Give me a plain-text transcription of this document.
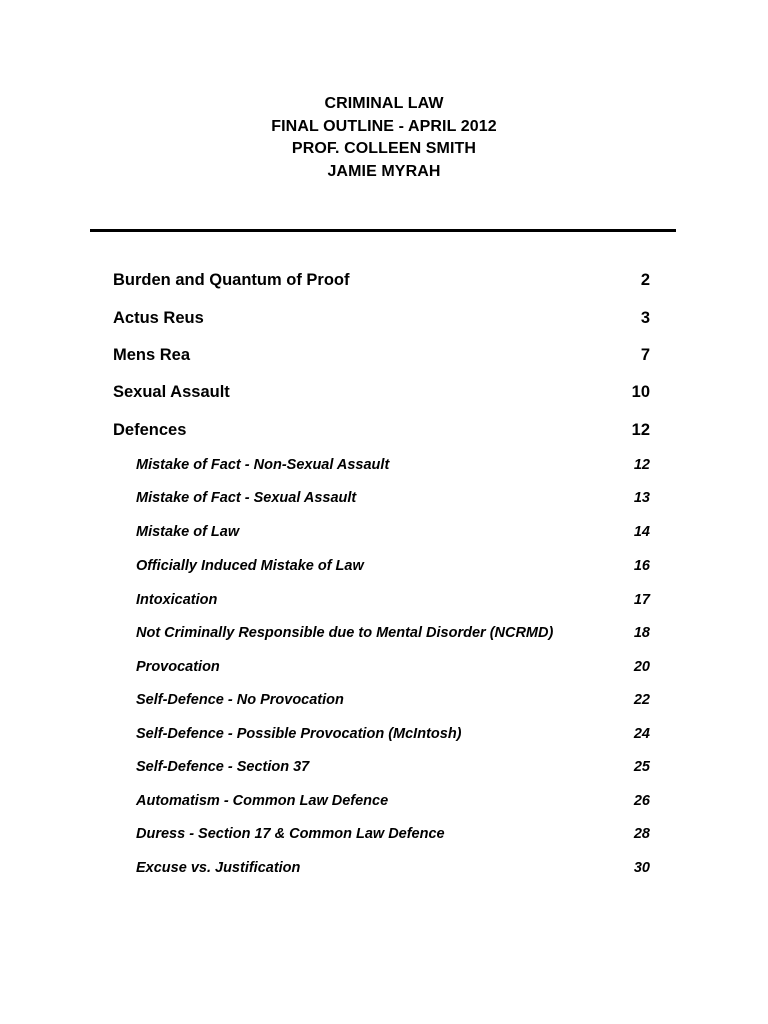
CRIMINAL LAW
FINAL OUTLINE - APRIL 2012
PROF. COLLEEN SMITH
JAMIE MYRAH
Burden and Quantum of Proof	2
Actus Reus	3
Mens Rea	7
Sexual Assault	10
Defences	12
Mistake of Fact - Non-Sexual Assault	12
Mistake of Fact - Sexual Assault	13
Mistake of Law	14
Officially Induced Mistake of Law	16
Intoxication	17
Not Criminally Responsible due to Mental Disorder (NCRMD)	18
Provocation	20
Self-Defence - No Provocation	22
Self-Defence - Possible Provocation (McIntosh)	24
Self-Defence - Section 37	25
Automatism - Common Law Defence	26
Duress - Section 17 & Common Law Defence	28
Excuse vs. Justification	30
